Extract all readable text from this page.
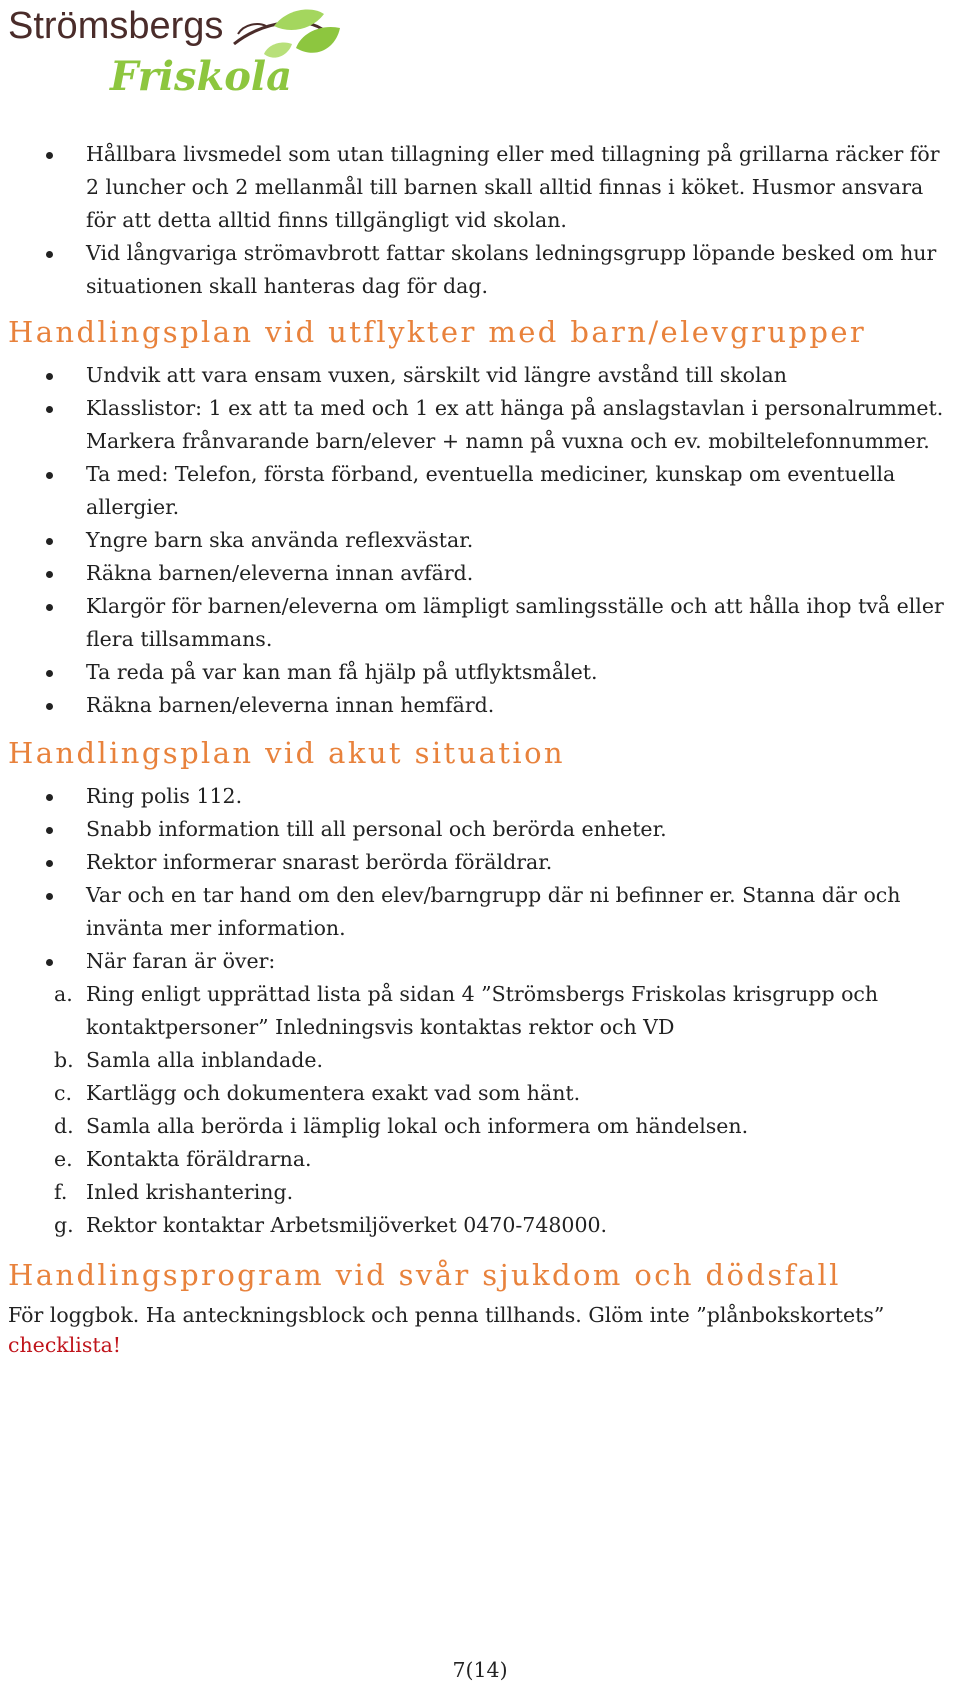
Strömsbergs
Friskola
Hållbara livsmedel som utan tillagning eller med tillagning på grillarna räcker för 2 luncher och 2 mellanmål till barnen skall alltid finnas i köket. Husmor ansvara för att detta alltid finns tillgängligt vid skolan.
Vid långvariga strömavbrott fattar skolans ledningsgrupp löpande besked om hur situationen skall hanteras dag för dag.
Handlingsplan vid utflykter med barn/elevgrupper
Undvik att vara ensam vuxen, särskilt vid längre avstånd till skolan
Klasslistor: 1 ex att ta med och 1 ex att hänga på anslagstavlan i personalrummet. Markera frånvarande barn/elever + namn på vuxna och ev. mobiltelefonnummer.
Ta med: Telefon, första förband, eventuella mediciner, kunskap om eventuella allergier.
Yngre barn ska använda reflexvästar.
Räkna barnen/eleverna innan avfärd.
Klargör för barnen/eleverna om lämpligt samlingsställe och att hålla ihop två eller flera tillsammans.
Ta reda på var kan man få hjälp på utflyktsmålet.
Räkna barnen/eleverna innan hemfärd.
Handlingsplan vid akut situation
Ring polis 112.
Snabb information till all personal och berörda enheter.
Rektor informerar snarast berörda föräldrar.
Var och en tar hand om den elev/barngrupp där ni befinner er. Stanna där och invänta mer information.
När faran är över:
a. Ring enligt upprättad lista på sidan 4 ”Strömsbergs Friskolas krisgrupp och kontaktpersoner” Inledningsvis kontaktas rektor och VD
b. Samla alla inblandade.
c. Kartlägg och dokumentera exakt vad som hänt.
d. Samla alla berörda i lämplig lokal och informera om händelsen.
e. Kontakta föräldrarna.
f. Inled krishantering.
g. Rektor kontaktar Arbetsmiljöverket 0470-748000.
Handlingsprogram vid svår sjukdom och dödsfall

För loggbok. Ha anteckningsblock och penna tillhands. Glöm inte ”plånbokskortets” checklista!

7(14)
